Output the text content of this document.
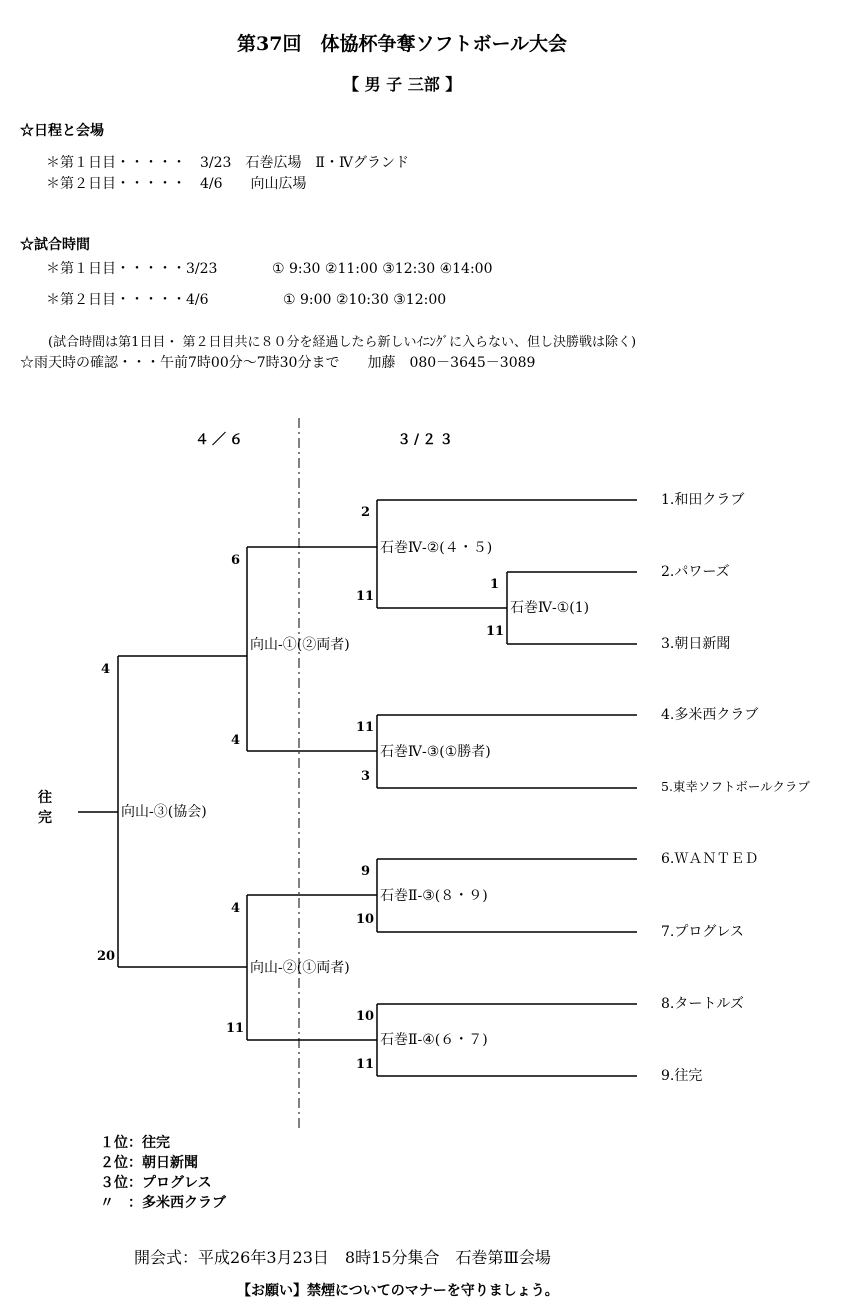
第37回　体協杯争奪ソフトボール大会
【 男 子 三部 】
☆日程と会場
＊第１日目・・・・・　3/23　石巻広場　Ⅱ・Ⅳグランド
＊第２日目・・・・・　4/6　　向山広場
☆試合時間
＊第１日目・・・・・3/23	① 9:30 ②11:00 ③12:30 ④14:00
＊第２日目・・・・・4/6	① 9:00 ②10:30 ③12:00
(試合時間は第1日目・ 第２日目共に８０分を経過したら新しいｲﾆﾝｸﾞに入らない、但し決勝戦は除く)
☆雨天時の確認・・・午前7時00分～7時30分まで　　加藤　080－3645－3089
４／６	３/２３
往完
1.和田クラブ
2.パワーズ
3.朝日新聞
4.多米西クラブ
5.東幸ソフトボールクラブ
6.ＷＡＮＴＥＤ
7.プログレス
8.タートルズ
9.往完
石巻Ⅳ-①(1)
石巻Ⅳ-②(４・５)
石巻Ⅳ-③(①勝者)
石巻Ⅱ-③(８・９)
石巻Ⅱ-④(６・７)
向山-①(②両者)
向山-②(①両者)
向山-③(協会)
1
11
2
11
11
3
9
10
10
11
6
4
4
11
4
20
１位：往完
２位：朝日新聞
３位：プログレス
〃　：多米西クラブ
開会式：平成26年3月23日　8時15分集合　石巻第Ⅲ会場
【お願い】禁煙についてのマナーを守りましょう。
